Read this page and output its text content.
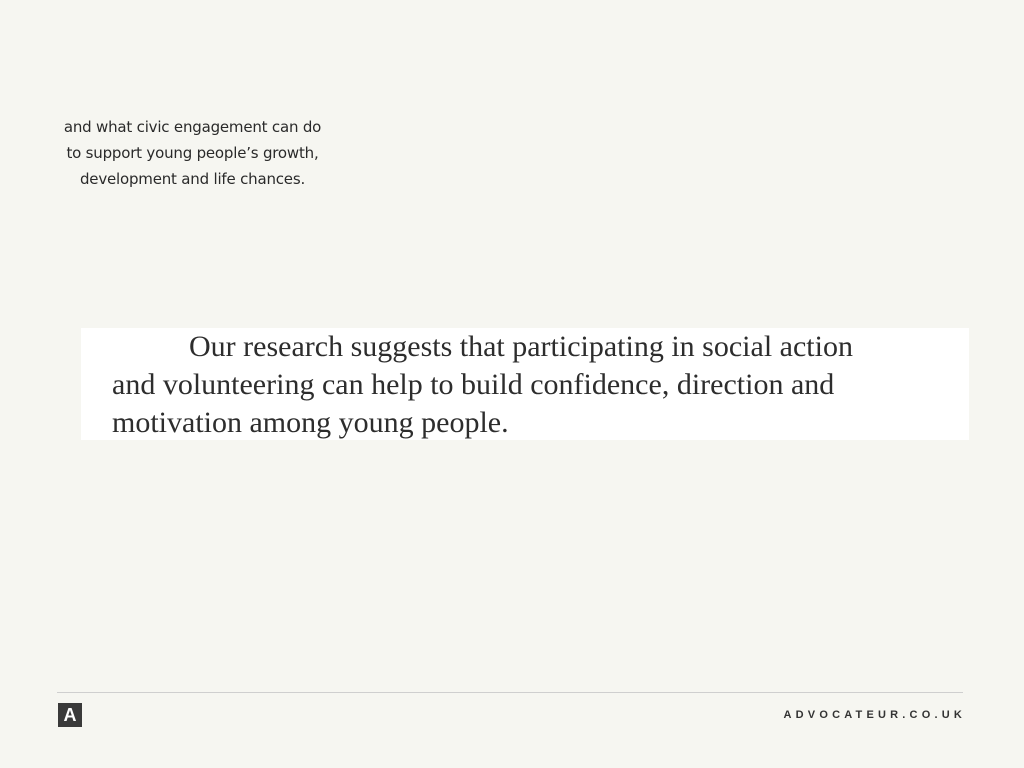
and what civic engagement can do
to support young people’s growth,
development and life chances.

Our research suggests that participating in social action
and volunteering can help to build confidence, direction and
motivation among young people.

A	ADVOCATEUR.CO.UK
